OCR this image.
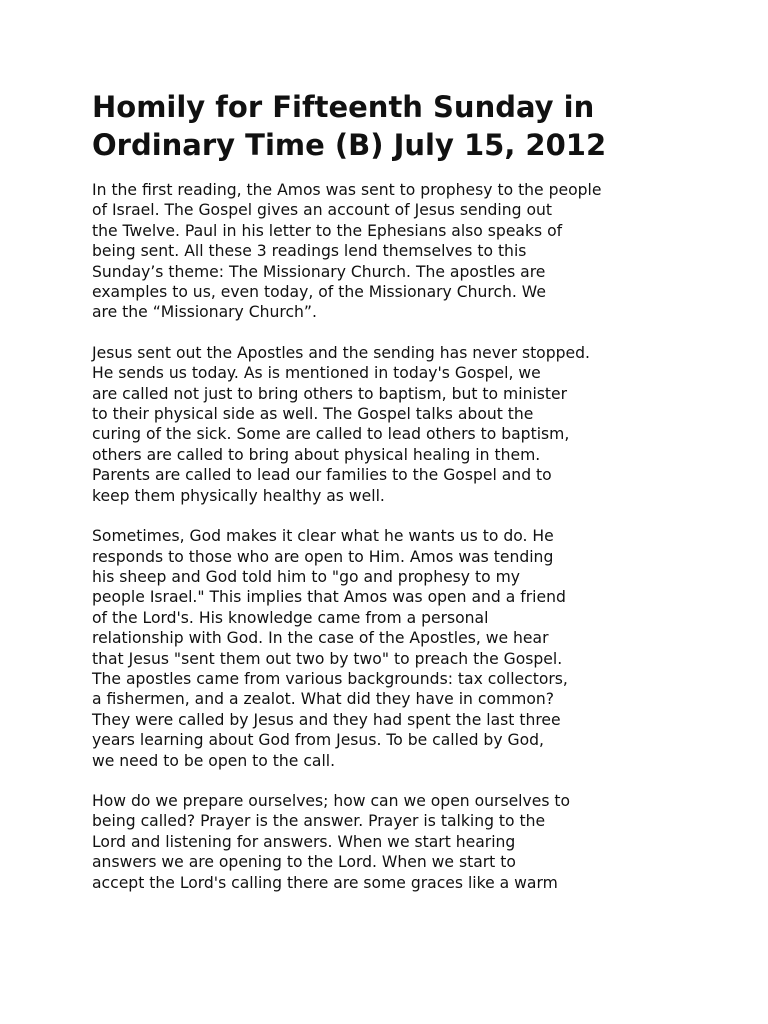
Homily for Fifteenth Sunday in
Ordinary Time (B) July 15, 2012

In the first reading, the Amos was sent to prophesy to the people
of Israel. The Gospel gives an account of Jesus sending out
the Twelve. Paul in his letter to the Ephesians also speaks of
being sent. All these 3 readings lend themselves to this
Sunday’s theme: The Missionary Church. The apostles are
examples to us, even today, of the Missionary Church. We
are the “Missionary Church”.

Jesus sent out the Apostles and the sending has never stopped.
He sends us today. As is mentioned in today's Gospel, we
are called not just to bring others to baptism, but to minister
to their physical side as well. The Gospel talks about the
curing of the sick. Some are called to lead others to baptism,
others are called to bring about physical healing in them.
Parents are called to lead our families to the Gospel and to
keep them physically healthy as well.

Sometimes, God makes it clear what he wants us to do. He
responds to those who are open to Him. Amos was tending
his sheep and God told him to "go and prophesy to my
people Israel." This implies that Amos was open and a friend
of the Lord's. His knowledge came from a personal
relationship with God. In the case of the Apostles, we hear
that Jesus "sent them out two by two" to preach the Gospel.
The apostles came from various backgrounds: tax collectors,
a fishermen, and a zealot. What did they have in common?
They were called by Jesus and they had spent the last three
years learning about God from Jesus. To be called by God,
we need to be open to the call.

How do we prepare ourselves; how can we open ourselves to
being called? Prayer is the answer. Prayer is talking to the
Lord and listening for answers. When we start hearing
answers we are opening to the Lord. When we start to
accept the Lord's calling there are some graces like a warm
